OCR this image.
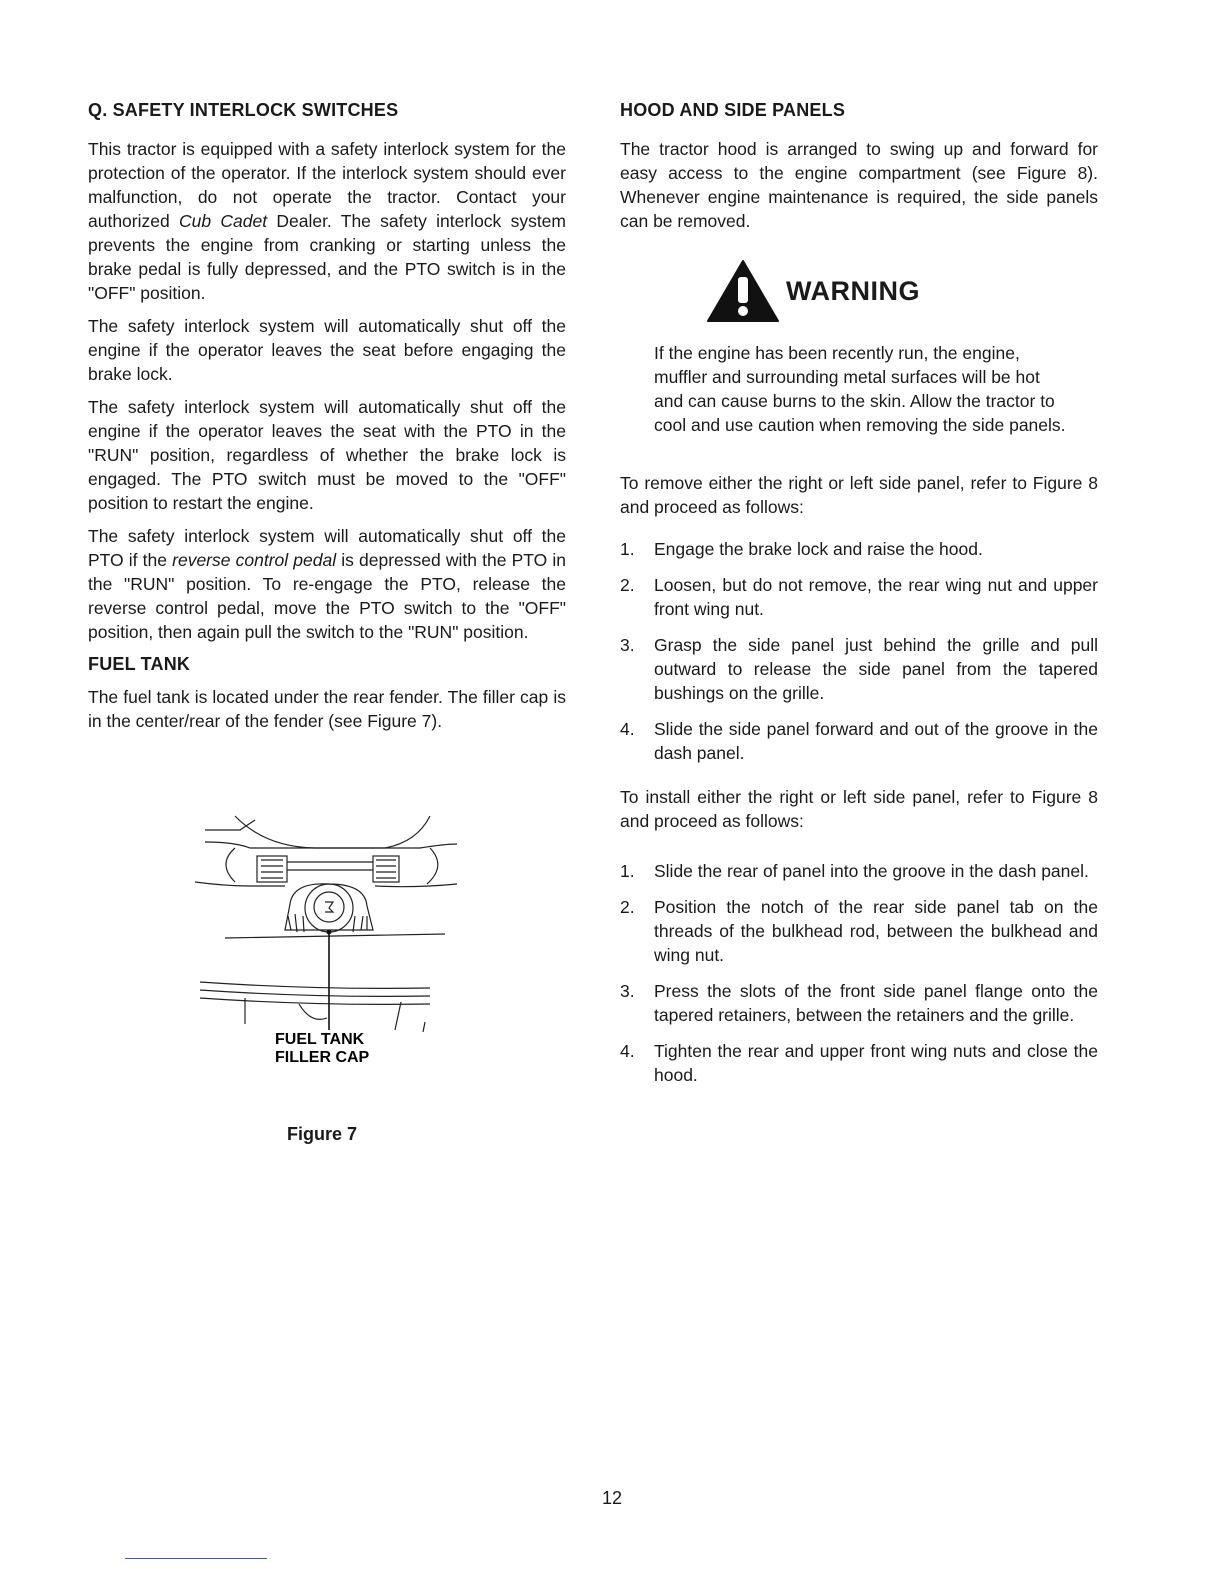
Q. SAFETY INTERLOCK SWITCHES

This tractor is equipped with a safety interlock system for the protection of the operator. If the interlock system should ever malfunction, do not operate the tractor. Contact your authorized Cub Cadet Dealer. The safety interlock system prevents the engine from cranking or starting unless the brake pedal is fully depressed, and the PTO switch is in the "OFF" position.

The safety interlock system will automatically shut off the engine if the operator leaves the seat before engaging the brake lock.

The safety interlock system will automatically shut off the engine if the operator leaves the seat with the PTO in the "RUN" position, regardless of whether the brake lock is engaged. The PTO switch must be moved to the "OFF" position to restart the engine.

The safety interlock system will automatically shut off the PTO if the reverse control pedal is depressed with the PTO in the "RUN" position. To re-engage the PTO, release the reverse control pedal, move the PTO switch to the "OFF" position, then again pull the switch to the "RUN" position.

FUEL TANK

The fuel tank is located under the rear fender. The filler cap is in the center/rear of the fender (see Figure 7).

FUEL TANK
FILLER CAP
Figure 7
HOOD AND SIDE PANELS

The tractor hood is arranged to swing up and forward for easy access to the engine compartment (see Figure 8). Whenever engine maintenance is required, the side panels can be removed.

WARNING

If the engine has been recently run, the engine, muffler and surrounding metal surfaces will be hot and can cause burns to the skin. Allow the tractor to cool and use caution when removing the side panels.

To remove either the right or left side panel, refer to Figure 8 and proceed as follows:

1.	Engage the brake lock and raise the hood.
2.	Loosen, but do not remove, the rear wing nut and upper front wing nut.
3.	Grasp the side panel just behind the grille and pull outward to release the side panel from the tapered bushings on the grille.
4.	Slide the side panel forward and out of the groove in the dash panel.

To install either the right or left side panel, refer to Figure 8 and proceed as follows:

1.	Slide the rear of panel into the groove in the dash panel.
2.	Position the notch of the rear side panel tab on the threads of the bulkhead rod, between the bulkhead and wing nut.
3.	Press the slots of the front side panel flange onto the tapered retainers, between the retainers and the grille.
4.	Tighten the rear and upper front wing nuts and close the hood.
12
